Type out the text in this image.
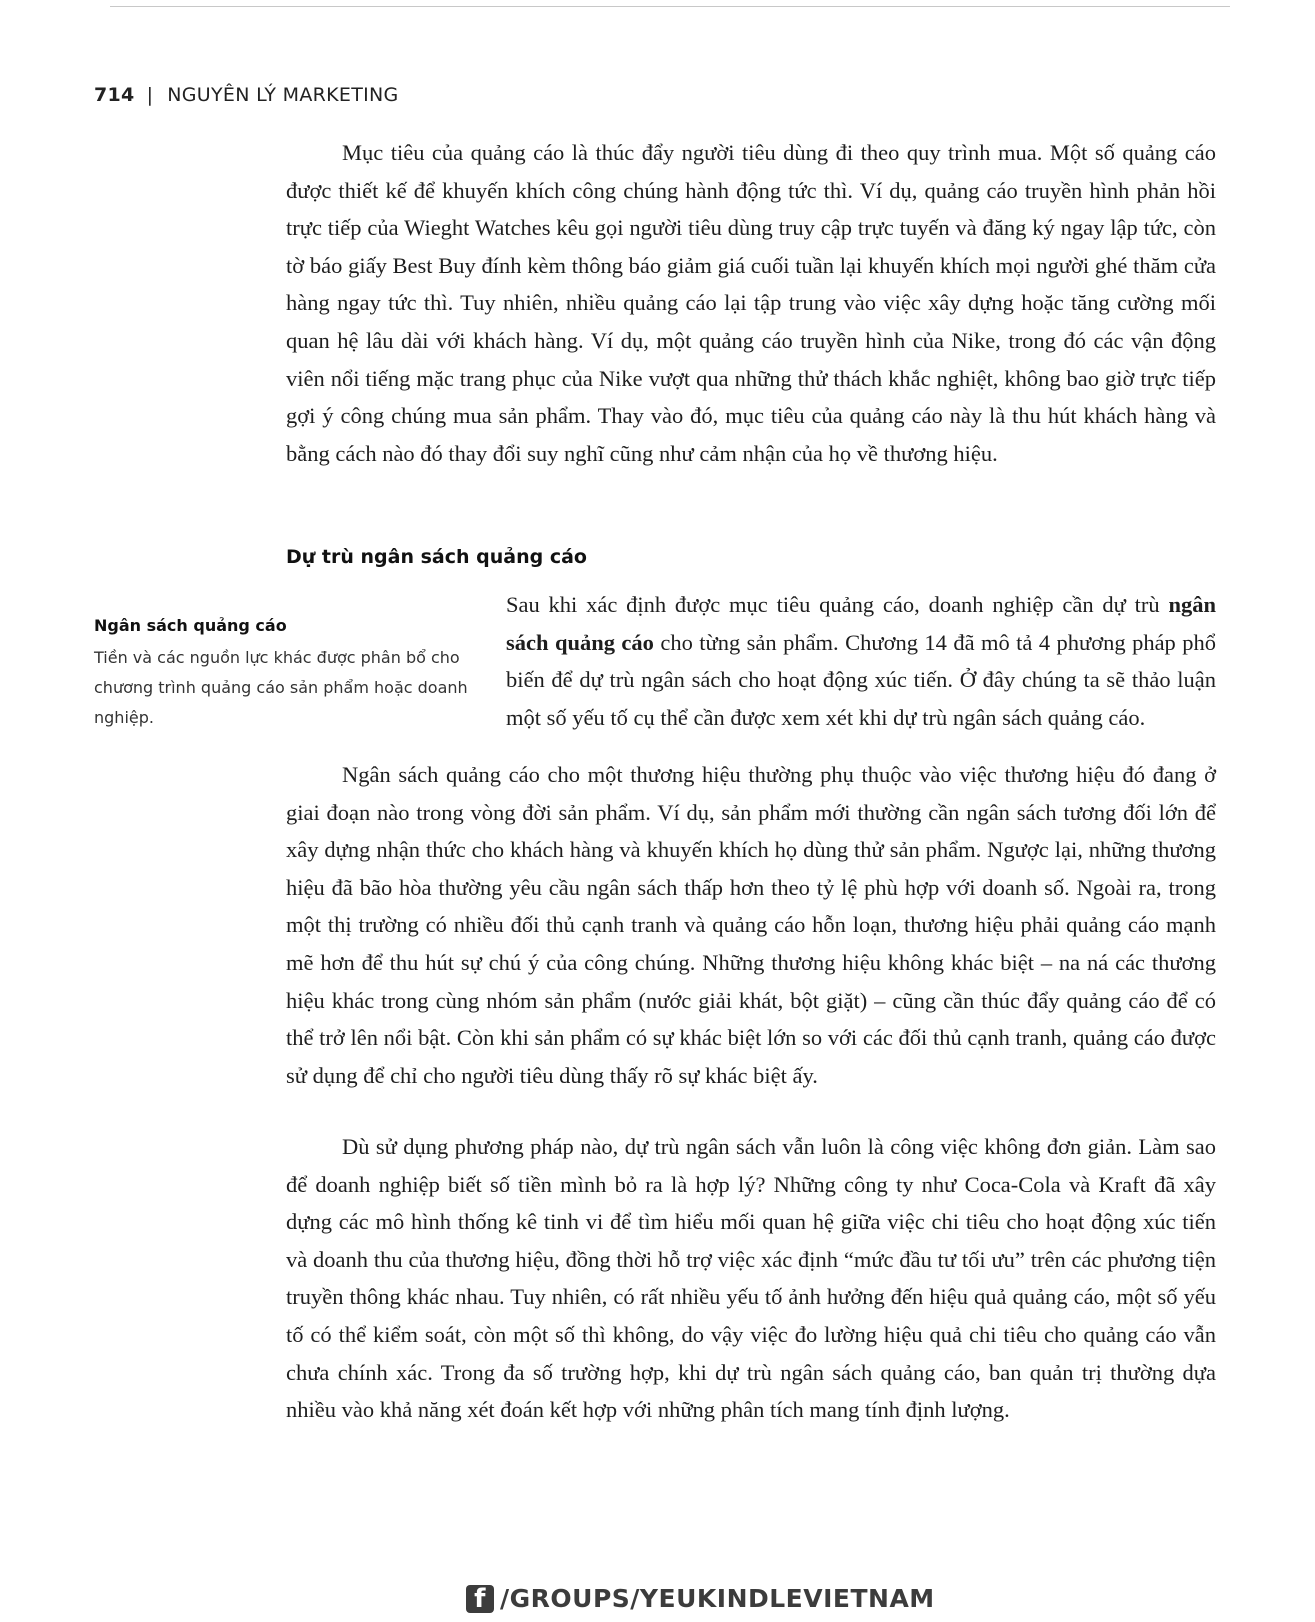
714 | NGUYÊN LÝ MARKETING

Mục tiêu của quảng cáo là thúc đẩy người tiêu dùng đi theo quy trình mua. Một số quảng cáo được thiết kế để khuyến khích công chúng hành động tức thì. Ví dụ, quảng cáo truyền hình phản hồi trực tiếp của Wieght Watches kêu gọi người tiêu dùng truy cập trực tuyến và đăng ký ngay lập tức, còn tờ báo giấy Best Buy đính kèm thông báo giảm giá cuối tuần lại khuyến khích mọi người ghé thăm cửa hàng ngay tức thì. Tuy nhiên, nhiều quảng cáo lại tập trung vào việc xây dựng hoặc tăng cường mối quan hệ lâu dài với khách hàng. Ví dụ, một quảng cáo truyền hình của Nike, trong đó các vận động viên nổi tiếng mặc trang phục của Nike vượt qua những thử thách khắc nghiệt, không bao giờ trực tiếp gợi ý công chúng mua sản phẩm. Thay vào đó, mục tiêu của quảng cáo này là thu hút khách hàng và bằng cách nào đó thay đổi suy nghĩ cũng như cảm nhận của họ về thương hiệu.

Dự trù ngân sách quảng cáo

Ngân sách quảng cáo

Tiền và các nguồn lực khác được phân bổ cho chương trình quảng cáo sản phẩm hoặc doanh nghiệp.

Sau khi xác định được mục tiêu quảng cáo, doanh nghiệp cần dự trù ngân sách quảng cáo cho từng sản phẩm. Chương 14 đã mô tả 4 phương pháp phổ biến để dự trù ngân sách cho hoạt động xúc tiến. Ở đây chúng ta sẽ thảo luận một số yếu tố cụ thể cần được xem xét khi dự trù ngân sách quảng cáo.

Ngân sách quảng cáo cho một thương hiệu thường phụ thuộc vào việc thương hiệu đó đang ở giai đoạn nào trong vòng đời sản phẩm. Ví dụ, sản phẩm mới thường cần ngân sách tương đối lớn để xây dựng nhận thức cho khách hàng và khuyến khích họ dùng thử sản phẩm. Ngược lại, những thương hiệu đã bão hòa thường yêu cầu ngân sách thấp hơn theo tỷ lệ phù hợp với doanh số. Ngoài ra, trong một thị trường có nhiều đối thủ cạnh tranh và quảng cáo hỗn loạn, thương hiệu phải quảng cáo mạnh mẽ hơn để thu hút sự chú ý của công chúng. Những thương hiệu không khác biệt – na ná các thương hiệu khác trong cùng nhóm sản phẩm (nước giải khát, bột giặt) – cũng cần thúc đẩy quảng cáo để có thể trở lên nổi bật. Còn khi sản phẩm có sự khác biệt lớn so với các đối thủ cạnh tranh, quảng cáo được sử dụng để chỉ cho người tiêu dùng thấy rõ sự khác biệt ấy.

Dù sử dụng phương pháp nào, dự trù ngân sách vẫn luôn là công việc không đơn giản. Làm sao để doanh nghiệp biết số tiền mình bỏ ra là hợp lý? Những công ty như Coca-Cola và Kraft đã xây dựng các mô hình thống kê tinh vi để tìm hiểu mối quan hệ giữa việc chi tiêu cho hoạt động xúc tiến và doanh thu của thương hiệu, đồng thời hỗ trợ việc xác định “mức đầu tư tối ưu” trên các phương tiện truyền thông khác nhau. Tuy nhiên, có rất nhiều yếu tố ảnh hưởng đến hiệu quả quảng cáo, một số yếu tố có thể kiểm soát, còn một số thì không, do vậy việc đo lường hiệu quả chi tiêu cho quảng cáo vẫn chưa chính xác. Trong đa số trường hợp, khi dự trù ngân sách quảng cáo, ban quản trị thường dựa nhiều vào khả năng xét đoán kết hợp với những phân tích mang tính định lượng.

f /GROUPS/YEUKINDLEVIETNAM
